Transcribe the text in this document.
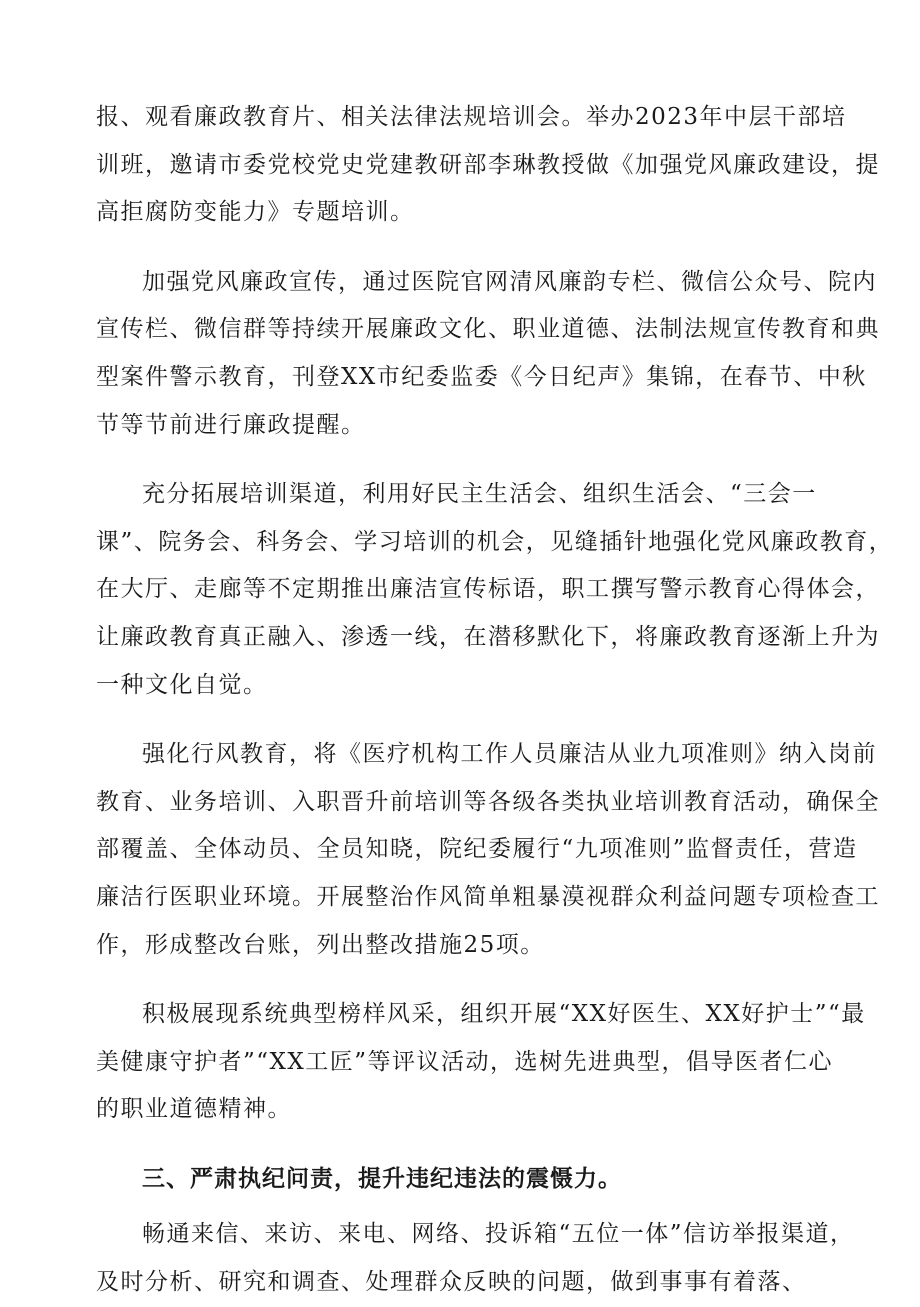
报、观看廉政教育片、相关法律法规培训会。举办2023年中层干部培
训班，邀请市委党校党史党建教研部李琳教授做《加强党风廉政建设，提
高拒腐防变能力》专题培训。
加强党风廉政宣传，通过医院官网清风廉韵专栏、微信公众号、院内
宣传栏、微信群等持续开展廉政文化、职业道德、法制法规宣传教育和典
型案件警示教育，刊登XX市纪委监委《今日纪声》集锦，在春节、中秋
节等节前进行廉政提醒。
充分拓展培训渠道，利用好民主生活会、组织生活会、“三会一
课”、院务会、科务会、学习培训的机会，见缝插针地强化党风廉政教育，
在大厅、走廊等不定期推出廉洁宣传标语，职工撰写警示教育心得体会，
让廉政教育真正融入、渗透一线，在潜移默化下，将廉政教育逐渐上升为
一种文化自觉。
强化行风教育，将《医疗机构工作人员廉洁从业九项准则》纳入岗前
教育、业务培训、入职晋升前培训等各级各类执业培训教育活动，确保全
部覆盖、全体动员、全员知晓，院纪委履行“九项准则”监督责任，营造
廉洁行医职业环境。开展整治作风简单粗暴漠视群众利益问题专项检查工
作，形成整改台账，列出整改措施25项。
积极展现系统典型榜样风采，组织开展“XX好医生、XX好护士”“最
美健康守护者”“XX工匠”等评议活动，选树先进典型，倡导医者仁心
的职业道德精神。
三、严肃执纪问责，提升违纪违法的震慑力。
畅通来信、来访、来电、网络、投诉箱“五位一体”信访举报渠道，
及时分析、研究和调查、处理群众反映的问题，做到事事有着落、
